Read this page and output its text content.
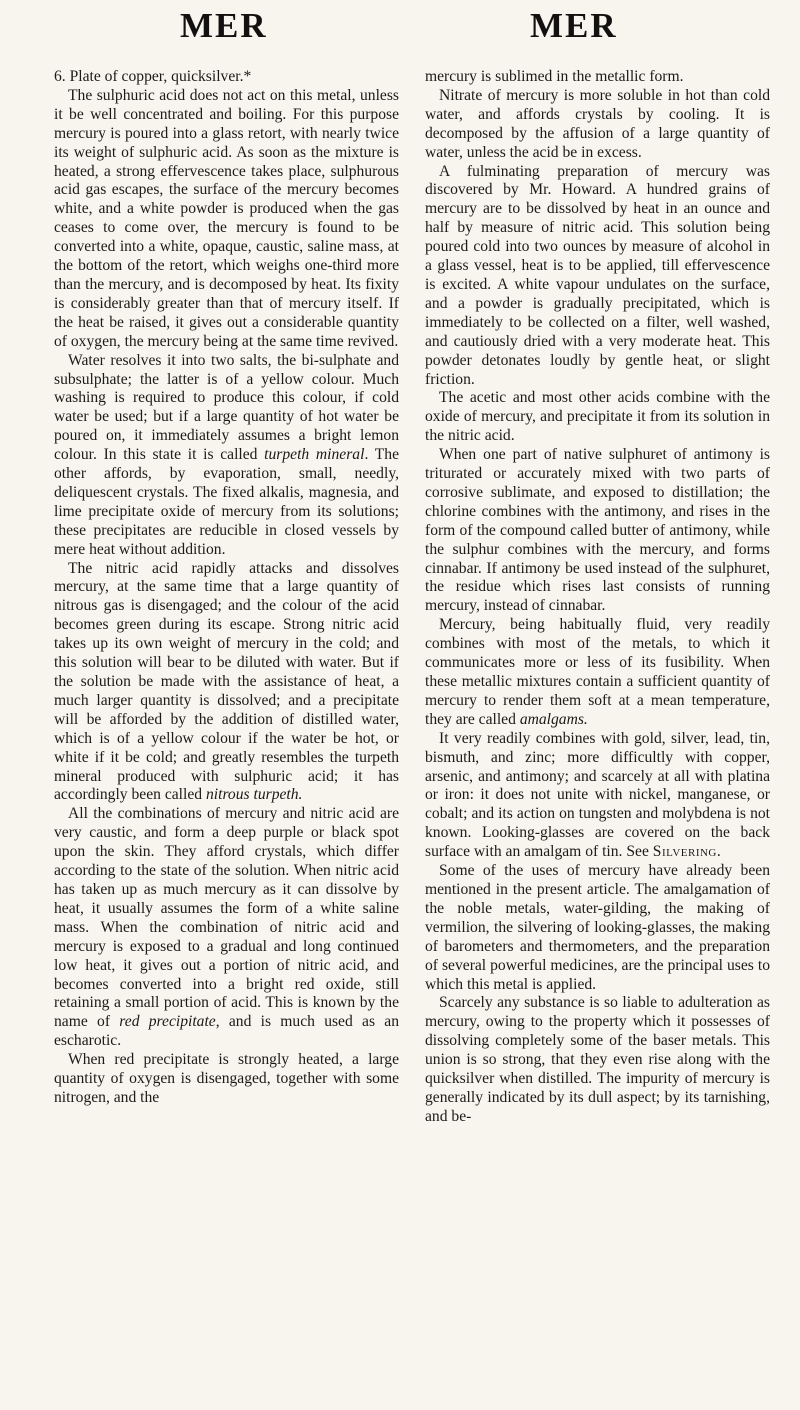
MER	MER

6. Plate of copper, quicksilver.*

The sulphuric acid does not act on this metal, unless it be well concentrated and boiling. For this purpose mercury is poured into a glass retort, with nearly twice its weight of sulphuric acid. As soon as the mixture is heated, a strong effervescence takes place, sulphurous acid gas escapes, the surface of the mercury becomes white, and a white powder is produced when the gas ceases to come over, the mercury is found to be converted into a white, opaque, caustic, saline mass, at the bottom of the retort, which weighs one-third more than the mercury, and is decomposed by heat. Its fixity is considerably greater than that of mercury itself. If the heat be raised, it gives out a considerable quantity of oxygen, the mercury being at the same time revived.

Water resolves it into two salts, the bi-sulphate and subsulphate; the latter is of a yellow colour. Much washing is required to produce this colour, if cold water be used; but if a large quantity of hot water be poured on, it immediately assumes a bright lemon colour. In this state it is called turpeth mineral. The other affords, by evaporation, small, needly, deliquescent crystals. The fixed alkalis, magnesia, and lime precipitate oxide of mercury from its solutions; these precipitates are reducible in closed vessels by mere heat without addition.

The nitric acid rapidly attacks and dissolves mercury, at the same time that a large quantity of nitrous gas is disengaged; and the colour of the acid becomes green during its escape. Strong nitric acid takes up its own weight of mercury in the cold; and this solution will bear to be diluted with water. But if the solution be made with the assistance of heat, a much larger quantity is dissolved; and a precipitate will be afforded by the addition of distilled water, which is of a yellow colour if the water be hot, or white if it be cold; and greatly resembles the turpeth mineral produced with sulphuric acid; it has accordingly been called nitrous turpeth.

All the combinations of mercury and nitric acid are very caustic, and form a deep purple or black spot upon the skin. They afford crystals, which differ according to the state of the solution. When nitric acid has taken up as much mercury as it can dissolve by heat, it usually assumes the form of a white saline mass. When the combination of nitric acid and mercury is exposed to a gradual and long continued low heat, it gives out a portion of nitric acid, and becomes converted into a bright red oxide, still retaining a small portion of acid. This is known by the name of red precipitate, and is much used as an escharotic.

When red precipitate is strongly heated, a large quantity of oxygen is disengaged, together with some nitrogen, and the

mercury is sublimed in the metallic form.

Nitrate of mercury is more soluble in hot than cold water, and affords crystals by cooling. It is decomposed by the affusion of a large quantity of water, unless the acid be in excess.

A fulminating preparation of mercury was discovered by Mr. Howard. A hundred grains of mercury are to be dissolved by heat in an ounce and half by measure of nitric acid. This solution being poured cold into two ounces by measure of alcohol in a glass vessel, heat is to be applied, till effervescence is excited. A white vapour undulates on the surface, and a powder is gradually precipitated, which is immediately to be collected on a filter, well washed, and cautiously dried with a very moderate heat. This powder detonates loudly by gentle heat, or slight friction.

The acetic and most other acids combine with the oxide of mercury, and precipitate it from its solution in the nitric acid.

When one part of native sulphuret of antimony is triturated or accurately mixed with two parts of corrosive sublimate, and exposed to distillation; the chlorine combines with the antimony, and rises in the form of the compound called butter of antimony, while the sulphur combines with the mercury, and forms cinnabar. If antimony be used instead of the sulphuret, the residue which rises last consists of running mercury, instead of cinnabar.

Mercury, being habitually fluid, very readily combines with most of the metals, to which it communicates more or less of its fusibility. When these metallic mixtures contain a sufficient quantity of mercury to render them soft at a mean temperature, they are called amalgams.

It very readily combines with gold, silver, lead, tin, bismuth, and zinc; more difficultly with copper, arsenic, and antimony; and scarcely at all with platina or iron: it does not unite with nickel, manganese, or cobalt; and its action on tungsten and molybdena is not known. Looking-glasses are covered on the back surface with an amalgam of tin. See Silvering.

Some of the uses of mercury have already been mentioned in the present article. The amalgamation of the noble metals, water-gilding, the making of vermilion, the silvering of looking-glasses, the making of barometers and thermometers, and the preparation of several powerful medicines, are the principal uses to which this metal is applied.

Scarcely any substance is so liable to adulteration as mercury, owing to the property which it possesses of dissolving completely some of the baser metals. This union is so strong, that they even rise along with the quicksilver when distilled. The impurity of mercury is generally indicated by its dull aspect; by its tarnishing, and be-
